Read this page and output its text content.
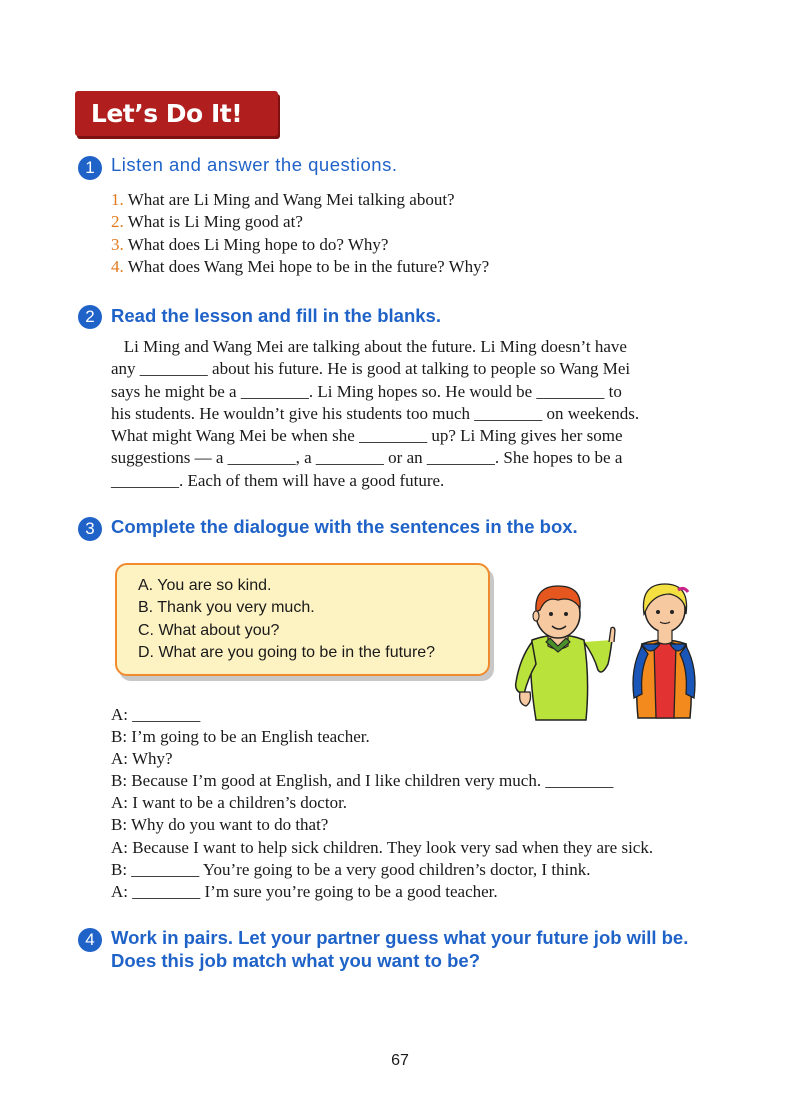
Let’s Do It!
1 Listen and answer the questions.
1. What are Li Ming and Wang Mei talking about?
2. What is Li Ming good at?
3. What does Li Ming hope to do? Why?
4. What does Wang Mei hope to be in the future? Why?
2 Read the lesson and fill in the blanks.

Li Ming and Wang Mei are talking about the future. Li Ming doesn’t have

any ________ about his future. He is good at talking to people so Wang Mei

says he might be a ________. Li Ming hopes so. He would be ________ to

his students. He wouldn’t give his students too much ________ on weekends.

What might Wang Mei be when she ________ up? Li Ming gives her some

suggestions — a ________, a ________ or an ________. She hopes to be a

________. Each of them will have a good future.

3 Complete the dialogue with the sentences in the box.
A. You are so kind.
B. Thank you very much.
C. What about you?
D. What are you going to be in the future?
A: ________
B: I’m going to be an English teacher.
A: Why?
B: Because I’m good at English, and I like children very much. ________
A: I want to be a children’s doctor.
B: Why do you want to do that?
A: Because I want to help sick children. They look very sad when they are sick.
B: ________ You’re going to be a very good children’s doctor, I think.
A: ________ I’m sure you’re going to be a good teacher.
4 Work in pairs. Let your partner guess what your future job will be.
Does this job match what you want to be?
67
